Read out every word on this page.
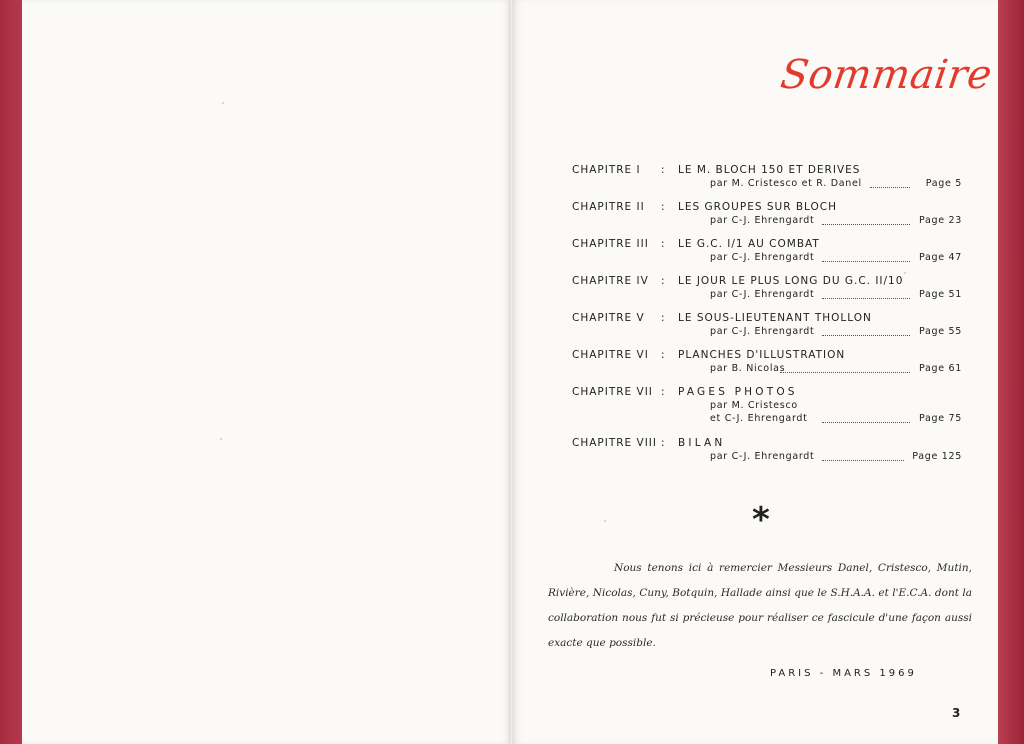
Sommaire
CHAPITRE I : LE M. BLOCH 150 ET DERIVES
par M. Cristesco et R. Danel	Page 5
CHAPITRE II : LES GROUPES SUR BLOCH
par C-J. Ehrengardt	Page 23
CHAPITRE III : LE G.C. I/1 AU COMBAT
par C-J. Ehrengardt	Page 47
CHAPITRE IV : LE JOUR LE PLUS LONG DU G.C. II/10
par C-J. Ehrengardt	Page 51
CHAPITRE V : LE SOUS-LIEUTENANT THOLLON
par C-J. Ehrengardt	Page 55
CHAPITRE VI : PLANCHES D'ILLUSTRATION
par B. Nicolas	Page 61
CHAPITRE VII : PAGES PHOTOS
par M. Cristesco
et C-J. Ehrengardt	Page 75
CHAPITRE VIII : BILAN
par C-J. Ehrengardt	Page 125
*
Nous tenons ici à remercier Messieurs Danel, Cristesco, Mutin, Rivière, Nicolas, Cuny, Botquin, Hallade ainsi que le S.H.A.A. et l'E.C.A. dont la collaboration nous fut si précieuse pour réaliser ce fascicule d'une façon aussi exacte que possible.
PARIS - MARS 1969
3
